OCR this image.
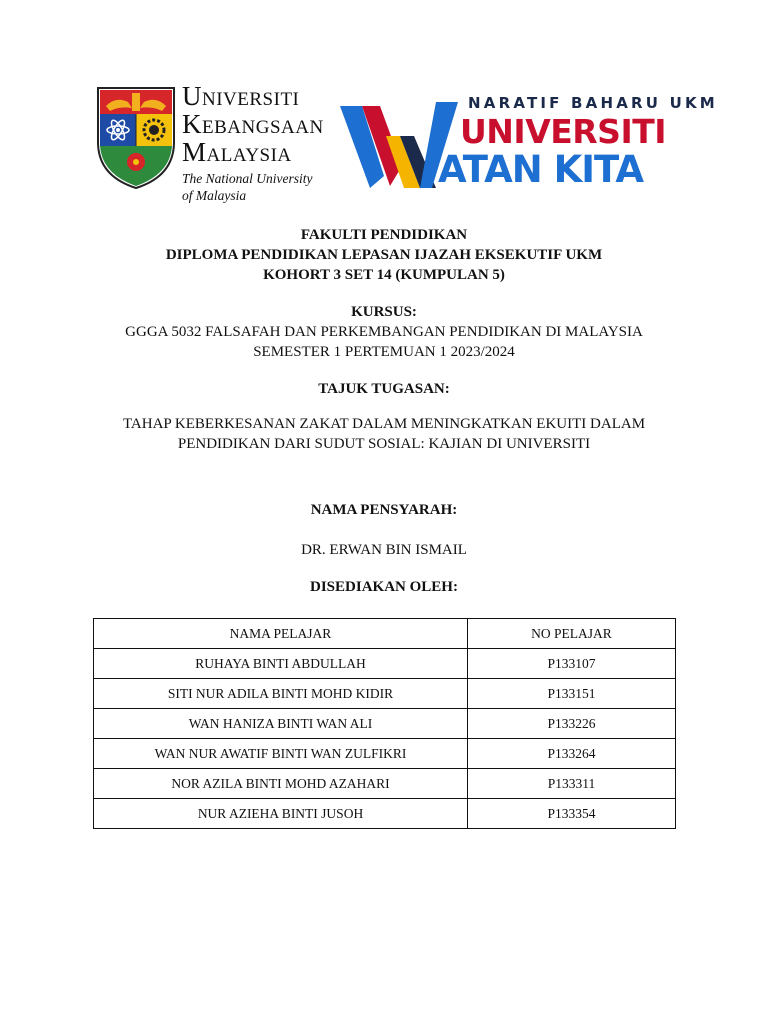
UNIVERSITI
KEBANGSAAN
MALAYSIA
The National University
of Malaysia
NARATIF BAHARU UKM
UNIVERSITI
ATAN KITA
FAKULTI PENDIDIKAN
DIPLOMA PENDIDIKAN LEPASAN IJAZAH EKSEKUTIF UKM
KOHORT 3 SET 14 (KUMPULAN 5)
KURSUS:
GGGA 5032 FALSAFAH DAN PERKEMBANGAN PENDIDIKAN DI MALAYSIA
SEMESTER 1 PERTEMUAN 1 2023/2024
TAJUK TUGASAN:
TAHAP KEBERKESANAN ZAKAT DALAM MENINGKATKAN EKUITI DALAM
PENDIDIKAN DARI SUDUT SOSIAL: KAJIAN DI UNIVERSITI
NAMA PENSYARAH:
DR. ERWAN BIN ISMAIL
DISEDIAKAN OLEH:
NAMA PELAJAR	NO PELAJAR
RUHAYA BINTI ABDULLAH	P133107
SITI NUR ADILA BINTI MOHD KIDIR	P133151
WAN HANIZA BINTI WAN ALI	P133226
WAN NUR AWATIF BINTI WAN ZULFIKRI	P133264
NOR AZILA BINTI MOHD AZAHARI	P133311
NUR AZIEHA BINTI JUSOH	P133354
